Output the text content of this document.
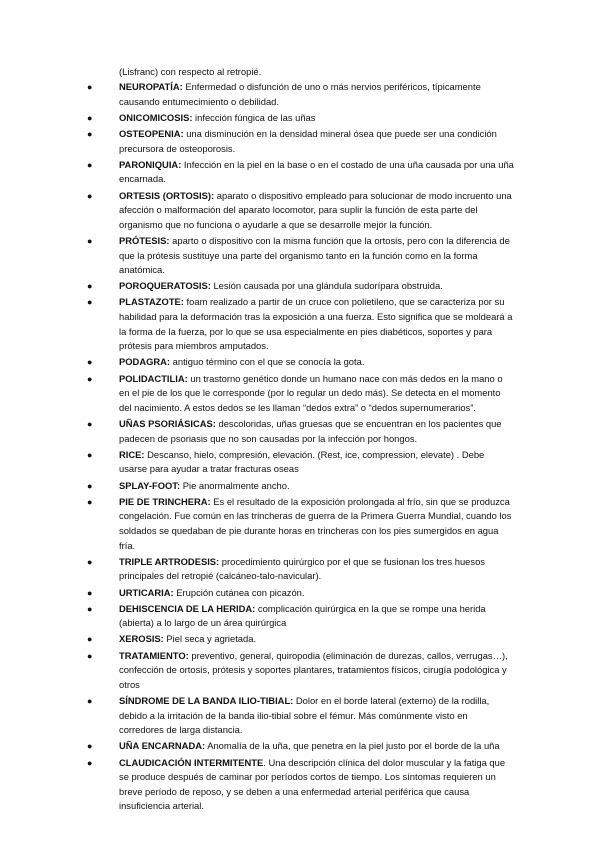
(Lisfranc) con respecto al retropié.
●	NEUROPATÍA: Enfermedad o disfunción de uno o más nervios periféricos, típicamente causando entumecimiento o debilidad.
●	ONICOMICOSIS: infección fúngica de las uñas
●	OSTEOPENIA: una disminución en la densidad mineral ósea que puede ser una condición precursora de osteoporosis.
●	PARONIQUIA: Infección en la piel en la base o en el costado de una uña causada por una uña encarnada.
●	ORTESIS (ORTOSIS): aparato o dispositivo empleado para solucionar de modo incruento una afección o malformación del aparato locomotor, para suplir la función de esta parte del organismo que no funciona o ayudarle a que se desarrolle mejor la función.
●	PRÓTESIS: aparto o dispositivo con la misma función que la ortosis, pero con la diferencia de que la prótesis sustituye una parte del organismo tanto en la función como en la forma anatómica.
●	POROQUERATOSIS: Lesión causada por una glándula sudorípara obstruida.
●	PLASTAZOTE: foam realizado a partir de un cruce con polietileno, que se caracteriza por su habilidad para la deformación tras la exposición a una fuerza. Esto significa que se moldeará a la forma de la fuerza, por lo que se usa especialmente en pies diabéticos, soportes y para prótesis para miembros amputados.
●	PODAGRA: antiguo término con el que se conocía la gota.
●	POLIDACTILIA: un trastorno genético donde un humano nace con más dedos en la mano o en el pie de los que le corresponde (por lo regular un dedo más). Se detecta en el momento del nacimiento. A estos dedos se les llaman “dedos extra” o “dedos supernumerarios”.
●	UÑAS PSORIÁSICAS: descoloridas, uñas gruesas que se encuentran en los pacientes que padecen de psoriasis que no son causadas por la infección por hongos.
●	RICE: Descanso, hielo, compresión, elevación. (Rest, ice, compression, elevate) . Debe usarse para ayudar a tratar fracturas oseas
●	SPLAY-FOOT: Pie anormalmente ancho.
●	PIE DE TRINCHERA: Es el resultado de la exposición prolongada al frío, sin que se produzca congelación. Fue común en las trincheras de guerra de la Primera Guerra Mundial, cuando los soldados se quedaban de pie durante horas en trincheras con los pies sumergidos en agua fría.
●	TRIPLE ARTRODESIS: procedimiento quirúrgico por el que se fusionan los tres huesos principales del retropié (calcáneo-talo-navicular).
●	URTICARIA: Erupción cutánea con picazón.
●	DEHISCENCIA DE LA HERIDA: complicación quirúrgica en la que se rompe una herida (abierta) a lo largo de un área quirúrgica
●	XEROSIS: Piel seca y agrietada.
●	TRATAMIENTO: preventivo, general, quiropodia (eliminación de durezas, callos, verrugas…), confección de ortosis, prótesis y soportes plantares, tratamientos físicos, cirugía podológica y otros
●	SÍNDROME DE LA BANDA ILIO-TIBIAL: Dolor en el borde lateral (externo) de la rodilla, debido a la irritación de la banda ilio-tibial sobre el fémur. Más comúnmente visto en corredores de larga distancia.
●	UÑA ENCARNADA: Anomalía de la uña, que penetra en la piel justo por el borde de la uña
●	CLAUDICACIÓN INTERMITENTE. Una descripción clínica del dolor muscular y la fatiga que se produce después de caminar por períodos cortos de tiempo. Los síntomas requieren un breve período de reposo, y se deben a una enfermedad arterial periférica que causa insuficiencia arterial.
